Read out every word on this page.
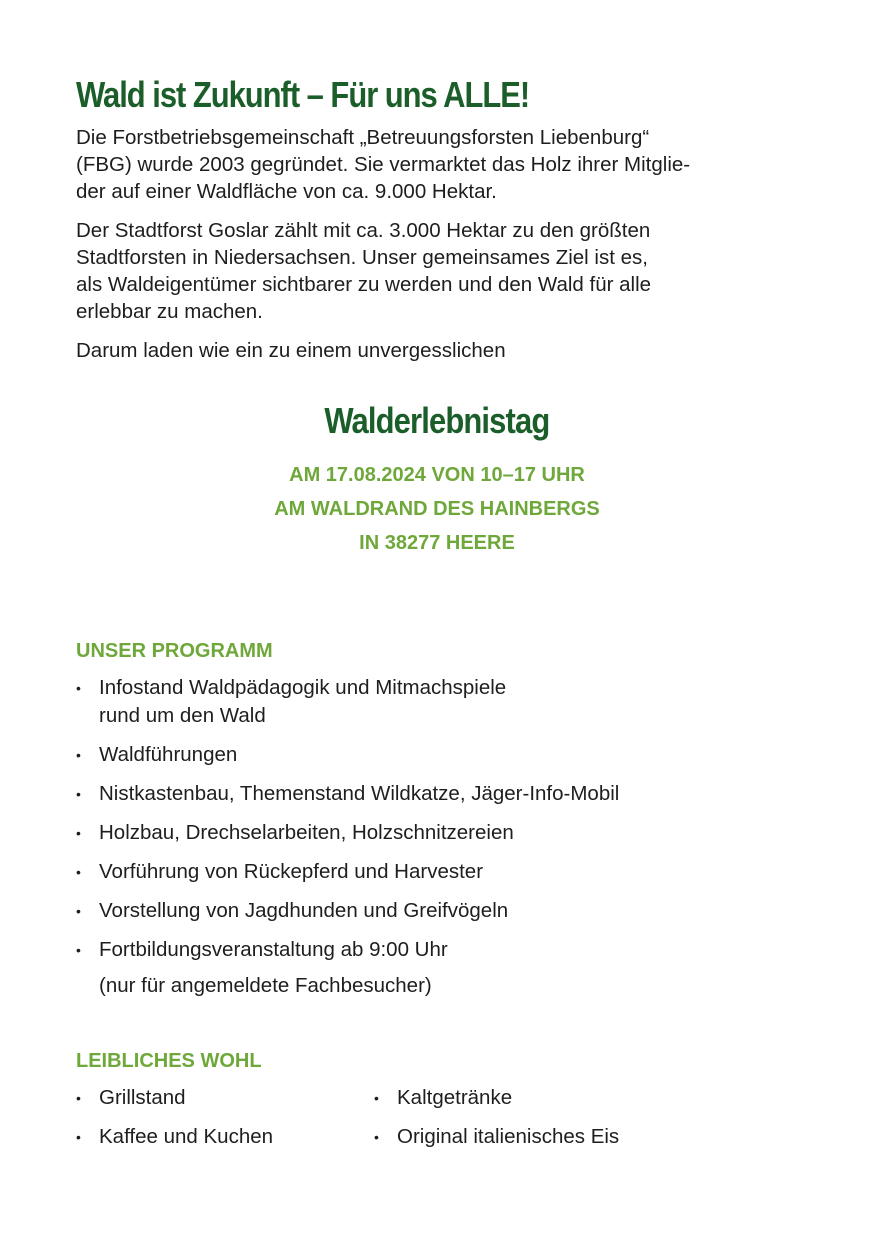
Wald ist Zukunft – Für uns ALLE!

Die Forstbetriebsgemeinschaft „Betreuungsforsten Liebenburg“
(FBG) wurde 2003 gegründet. Sie vermarktet das Holz ihrer Mitglie-
der auf einer Waldfläche von ca. 9.000 Hektar.

Der Stadtforst Goslar zählt mit ca. 3.000 Hektar zu den größten
Stadtforsten in Niedersachsen. Unser gemeinsames Ziel ist es,
als Waldeigentümer sichtbarer zu werden und den Wald für alle
erlebbar zu machen.

Darum laden wie ein zu einem unvergesslichen

Walderlebnistag
AM 17.08.2024 VON 10–17 UHR
AM WALDRAND DES HAINBERGS
IN 38277 HEERE
UNSER PROGRAMM
• Infostand Waldpädagogik und Mitmachspiele
rund um den Wald
• Waldführungen
• Nistkastenbau, Themenstand Wildkatze, Jäger-Info-Mobil
• Holzbau, Drechselarbeiten, Holzschnitzereien
• Vorführung von Rückepferd und Harvester
• Vorstellung von Jagdhunden und Greifvögeln
• Fortbildungsveranstaltung ab 9:00 Uhr

(nur für angemeldete Fachbesucher)

LEIBLICHES WOHL
• Grillstand
• Kaffee und Kuchen
• Kaltgetränke
• Original italienisches Eis
